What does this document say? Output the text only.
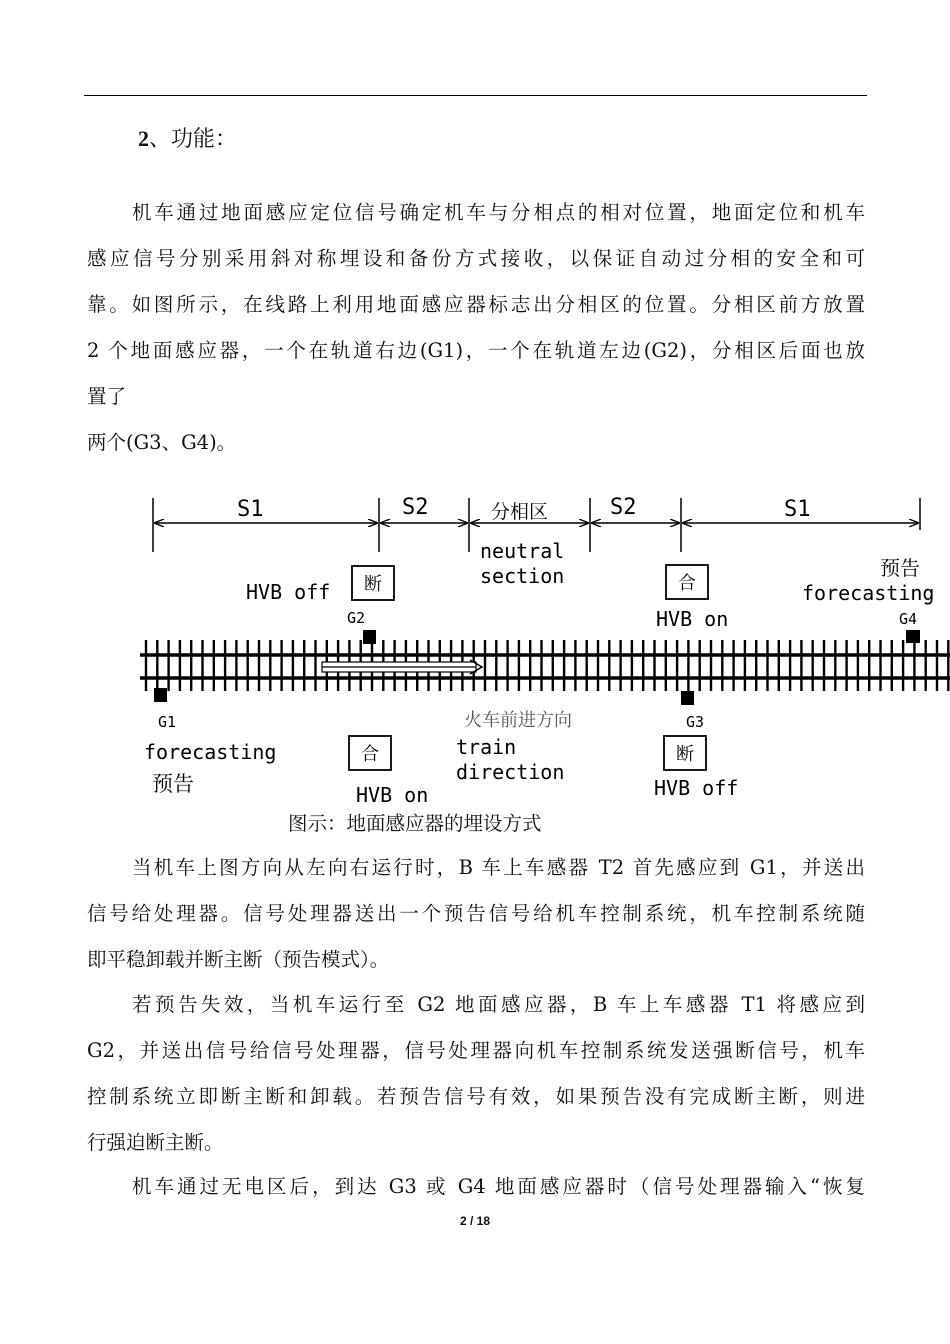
2、功能：
机车通过地面感应定位信号确定机车与分相点的相对位置，地面定位和机车
感应信号分别采用斜对称埋设和备份方式接收，以保证自动过分相的安全和可
靠。如图所示，在线路上利用地面感应器标志出分相区的位置。分相区前方放置
2 个地面感应器，一个在轨道右边(G1)，一个在轨道左边(G2)，分相区后面也放
置了
两个(G3、G4)。
S1	S2	分相区	S2	S1
neutral
section
HVB off
HVB on
预告
forecasting
forecasting
预告	HVB on
train
direction
HVB off
火车前进方向
G2	G4
G1	G3
断	合
合	断
图示：地面感应器的埋设方式
当机车上图方向从左向右运行时，B 车上车感器 T2 首先感应到 G1，并送出
信号给处理器。信号处理器送出一个预告信号给机车控制系统，机车控制系统随
即平稳卸载并断主断（预告模式）。
若预告失效，当机车运行至 G2 地面感应器，B 车上车感器 T1 将感应到
G2，并送出信号给信号处理器，信号处理器向机车控制系统发送强断信号，机车
控制系统立即断主断和卸载。若预告信号有效，如果预告没有完成断主断，则进
行强迫断主断。
机车通过无电区后，到达 G3 或 G4 地面感应器时（信号处理器输入“恢复
2 / 18
